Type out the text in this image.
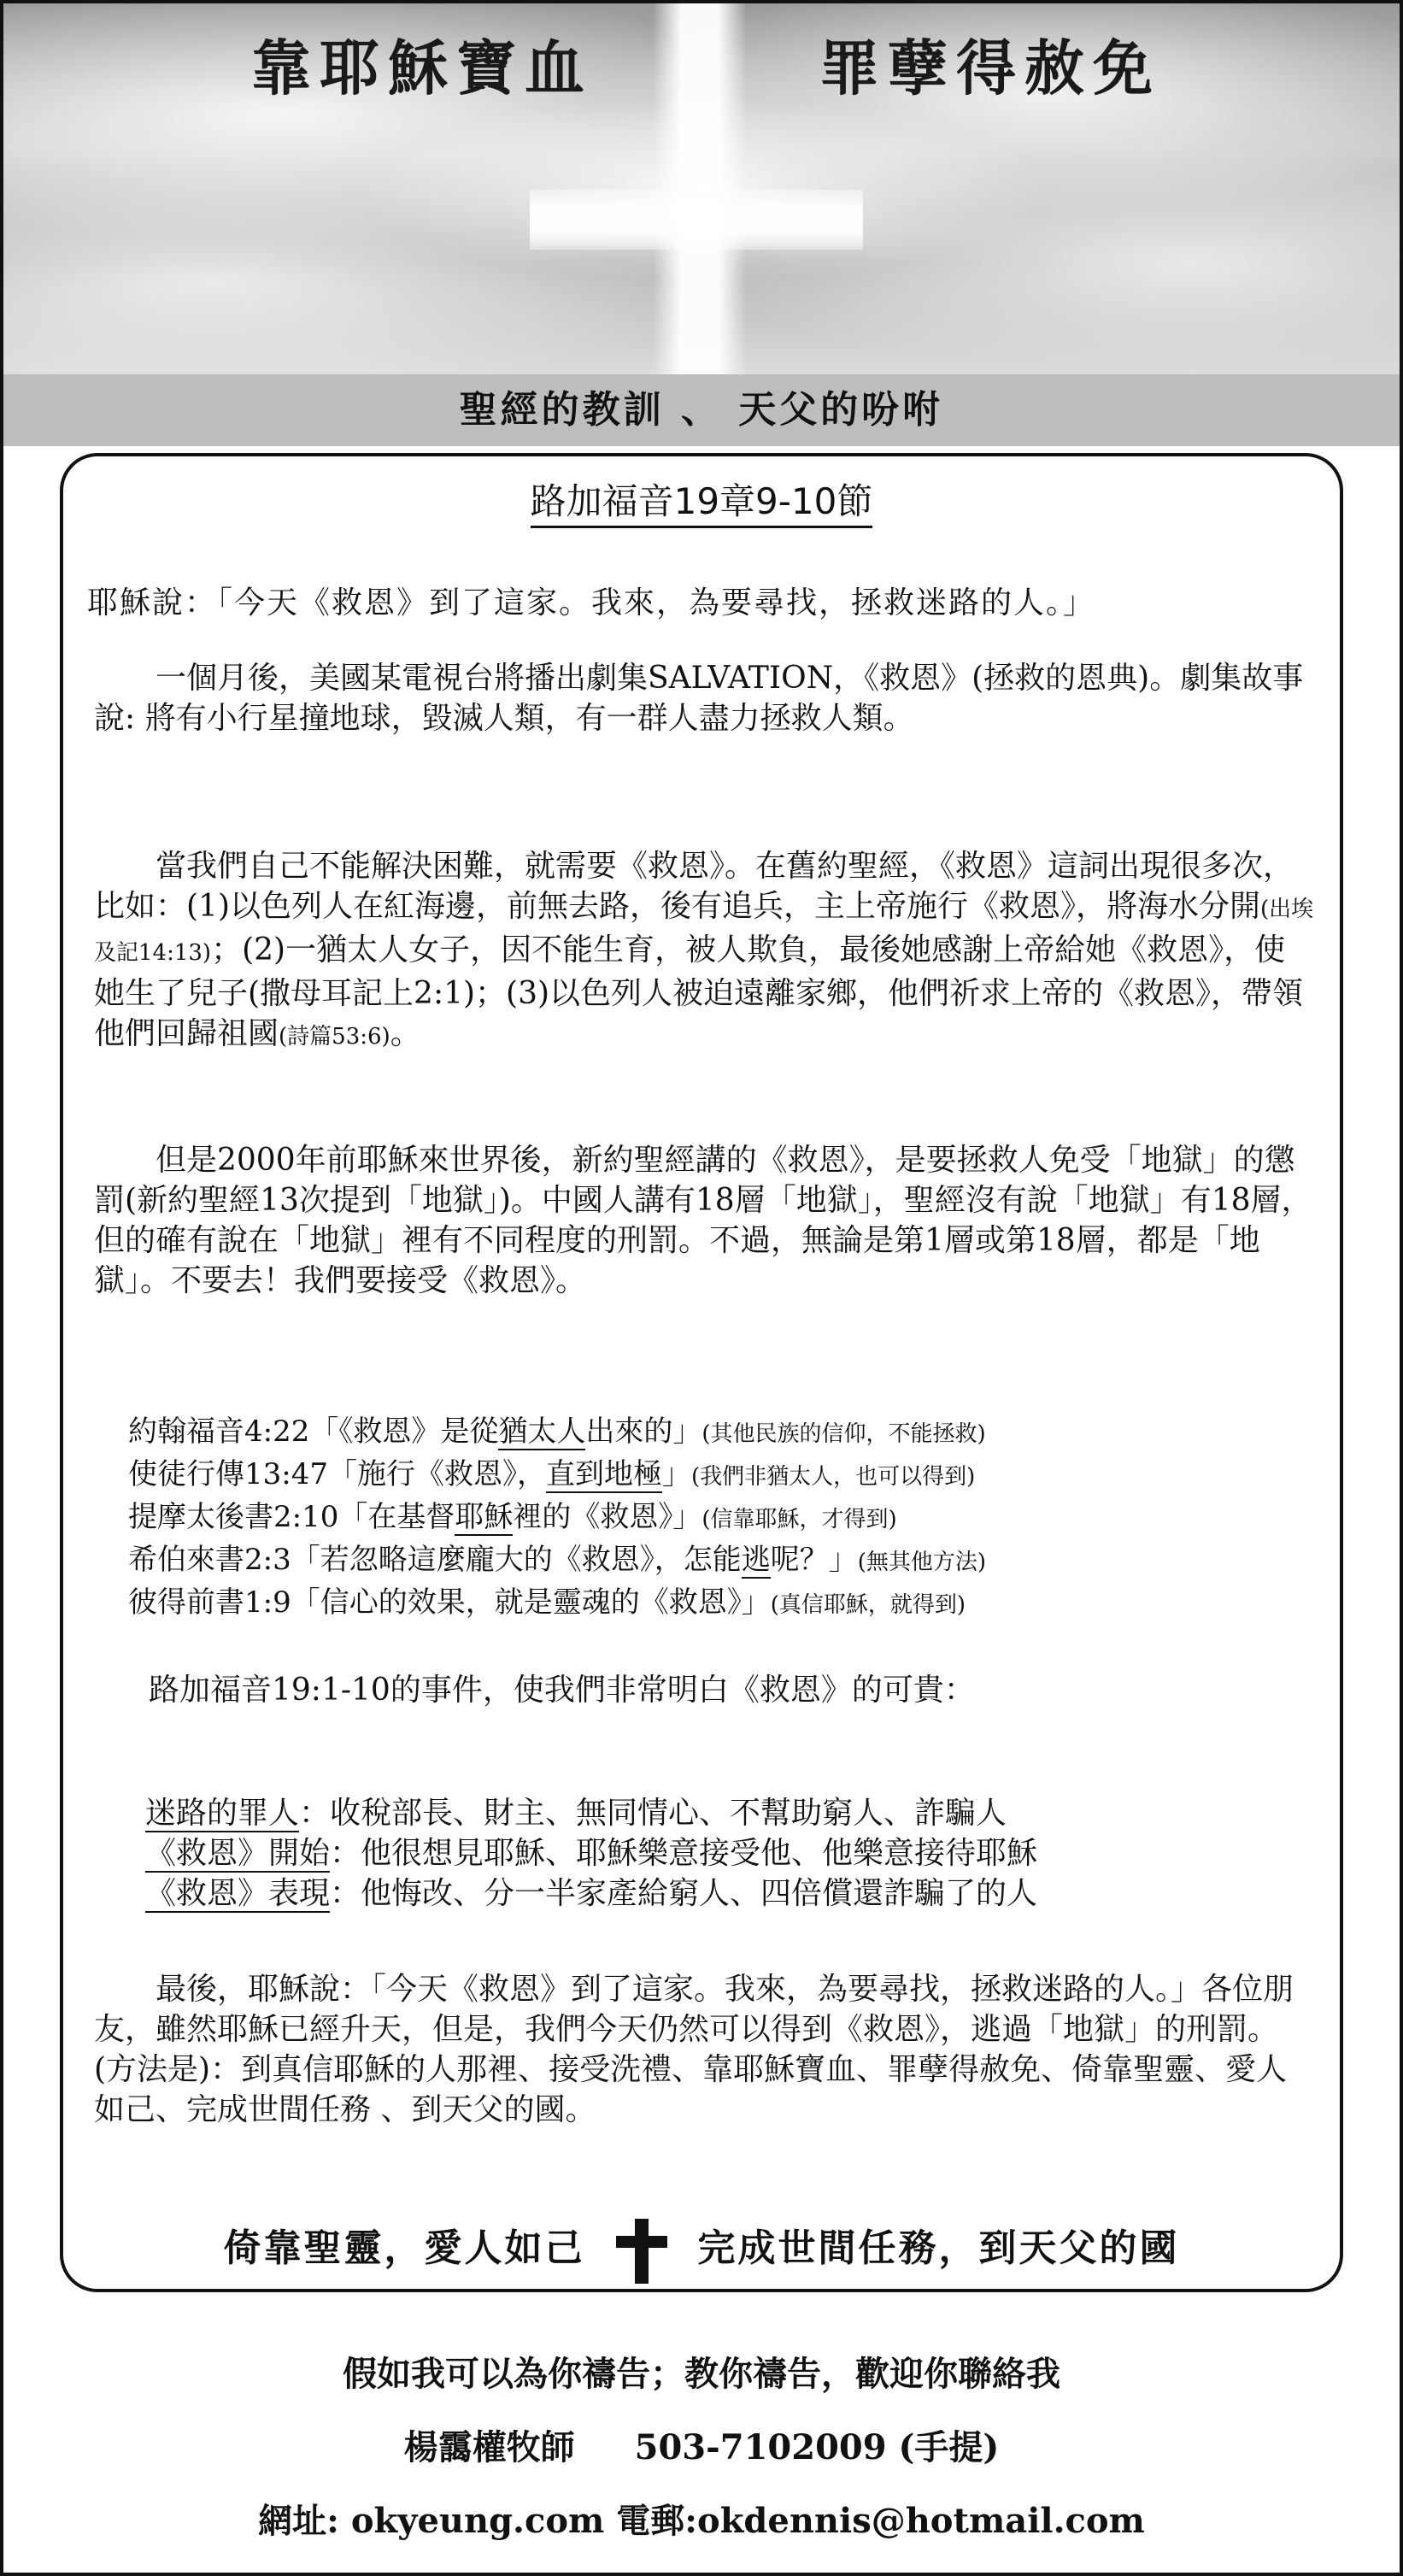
靠耶穌寶血	罪孽得赦免
聖經的教訓 、 天父的吩咐
路加福音19章9-10節

耶穌說：「今天《救恩》到了這家。我來，為要尋找，拯救迷路的人。」

一個月後，美國某電視台將播出劇集SALVATION，《救恩》(拯救的恩典)。劇集故事說: 將有小行星撞地球，毀滅人類，有一群人盡力拯救人類。

當我們自己不能解決困難，就需要《救恩》。在舊約聖經，《救恩》這詞出現很多次，比如：(1)以色列人在紅海邊，前無去路，後有追兵，主上帝施行《救恩》，將海水分開(出埃及記14:13)；(2)一猶太人女子，因不能生育，被人欺負，最後她感謝上帝給她《救恩》，使她生了兒子(撒母耳記上2:1)；(3)以色列人被迫遠離家鄉，他們祈求上帝的《救恩》，帶領他們回歸祖國(詩篇53:6)。

但是2000年前耶穌來世界後，新約聖經講的《救恩》，是要拯救人免受「地獄」的懲罰(新約聖經13次提到「地獄」)。中國人講有18層「地獄」，聖經沒有說「地獄」有18層，但的確有說在「地獄」裡有不同程度的刑罰。不過，無論是第1層或第18層，都是「地獄」。不要去！我們要接受《救恩》。

約翰福音4:22「《救恩》是從猶太人出來的」(其他民族的信仰，不能拯救)
使徒行傳13:47「施行《救恩》，直到地極」(我們非猶太人，也可以得到)
提摩太後書2:10「在基督耶穌裡的《救恩》」(信靠耶穌，才得到)
希伯來書2:3「若忽略這麼龐大的《救恩》，怎能逃呢？」(無其他方法)
彼得前書1:9「信心的效果，就是靈魂的《救恩》」(真信耶穌，就得到)

路加福音19:1-10的事件，使我們非常明白《救恩》的可貴：

迷路的罪人：收稅部長、財主、無同情心、不幫助窮人、詐騙人
《救恩》開始：他很想見耶穌、耶穌樂意接受他、他樂意接待耶穌
《救恩》表現：他悔改、分一半家產給窮人、四倍償還詐騙了的人

最後，耶穌說：「今天《救恩》到了這家。我來，為要尋找，拯救迷路的人。」各位朋友，雖然耶穌已經升天，但是，我們今天仍然可以得到《救恩》，逃過「地獄」的刑罰。(方法是)：到真信耶穌的人那裡、接受洗禮、靠耶穌寶血、罪孽得赦免、倚靠聖靈、愛人如己、完成世間任務 、到天父的國。

倚靠聖靈，愛人如己	完成世間任務，到天父的國
假如我可以為你禱告；教你禱告，歡迎你聯絡我
楊靄權牧師 503-7102009 (手提)
網址: okyeung.com 電郵:okdennis@hotmail.com
